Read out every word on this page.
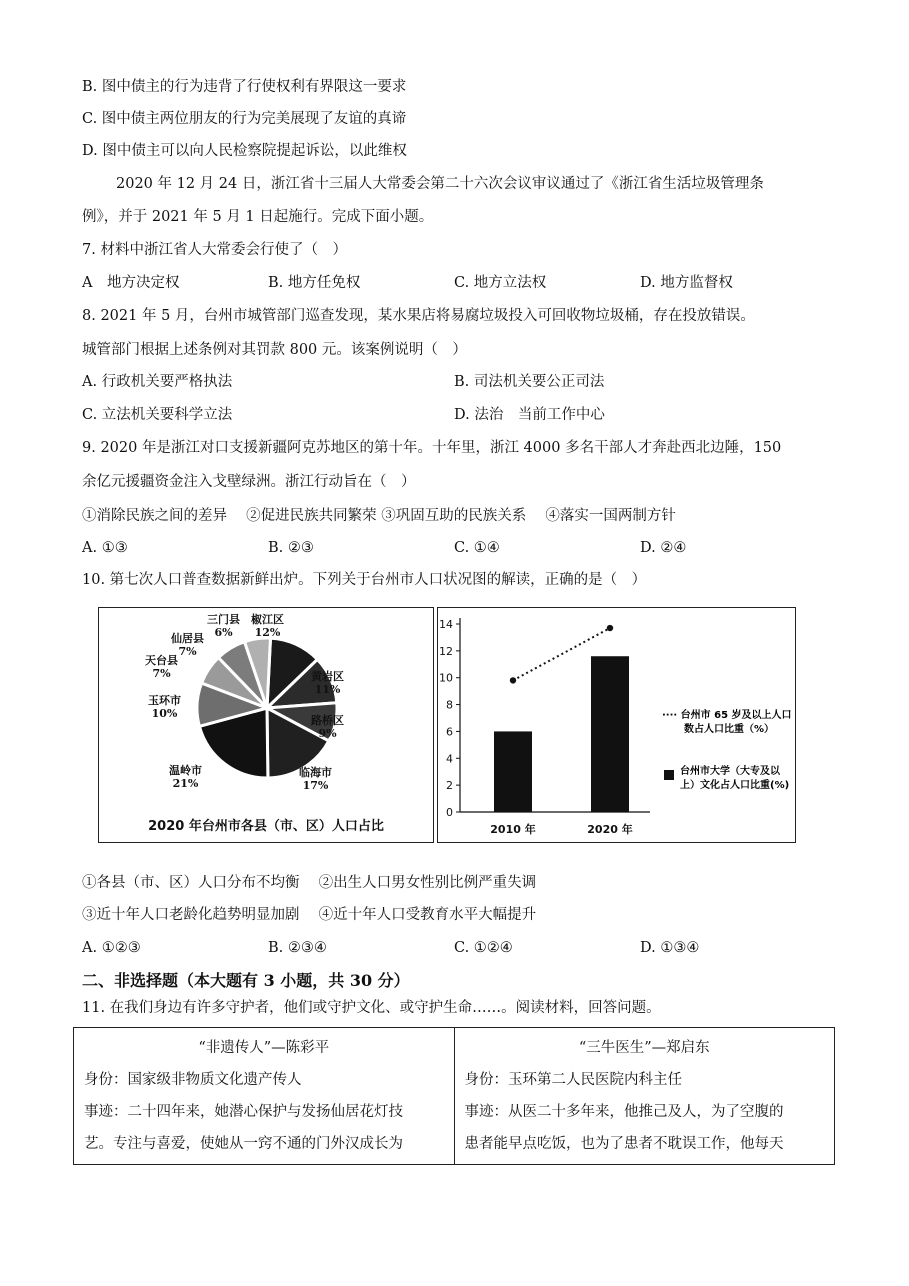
B. 图中债主的行为违背了行使权利有界限这一要求
C. 图中债主两位朋友的行为完美展现了友谊的真谛
D. 图中债主可以向人民检察院提起诉讼，以此维权
2020 年 12 月 24 日，浙江省十三届人大常委会第二十六次会议审议通过了《浙江省生活垃圾管理条
例》，并于 2021 年 5 月 1 日起施行。完成下面小题。
7. 材料中浙江省人大常委会行使了（　）
A　地方决定权	B. 地方任免权	C. 地方立法权	D. 地方监督权
8. 2021 年 5 月，台州市城管部门巡查发现，某水果店将易腐垃圾投入可回收物垃圾桶，存在投放错误。
城管部门根据上述条例对其罚款 800 元。该案例说明（　）
A. 行政机关要严格执法	B. 司法机关要公正司法
C. 立法机关要科学立法	D. 法治　当前工作中心
9. 2020 年是浙江对口支援新疆阿克苏地区的第十年。十年里，浙江 4000 多名干部人才奔赴西北边陲，150
余亿元援疆资金注入戈壁绿洲。浙江行动旨在（　）
①消除民族之间的差异　 ②促进民族共同繁荣 ③巩固互助的民族关系　 ④落实一国两制方针
A. ①③	B. ②③	C. ①④	D. ②④
10. 第七次人口普查数据新鲜出炉。下列关于台州市人口状况图的解读，正确的是（　）
三门县
6%
椒江区
12%
仙居县
7%
天台县
7%	黄岩区
11%
玉环市
10%
路桥区
9%
温岭市
21%
临海市
17%
2020 年台州市各县（市、区）人口占比
0
2
4
6
8
10
12
14
2010 年	2020 年
···· 台州市 65 岁及以上人口
数占人口比重（%）
台州市大学（大专及以
上）文化占人口比重(%)
①各县（市、区）人口分布不均衡　 ②出生人口男女性别比例严重失调
③近十年人口老龄化趋势明显加剧　 ④近十年人口受教育水平大幅提升
A. ①②③	B. ②③④	C. ①②④	D. ①③④
二、非选择题（本大题有 3 小题，共 30 分）
11. 在我们身边有许多守护者，他们或守护文化、或守护生命……。阅读材料，回答问题。
“非遗传人”—陈彩平
身份：国家级非物质文化遗产传人
事迹：二十四年来，她潜心保护与发扬仙居花灯技
艺。专注与喜爱，使她从一窍不通的门外汉成长为

“三牛医生”—郑启东
身份：玉环第二人民医院内科主任
事迹：从医二十多年来，他推己及人，为了空腹的
患者能早点吃饭，也为了患者不耽误工作，他每天
